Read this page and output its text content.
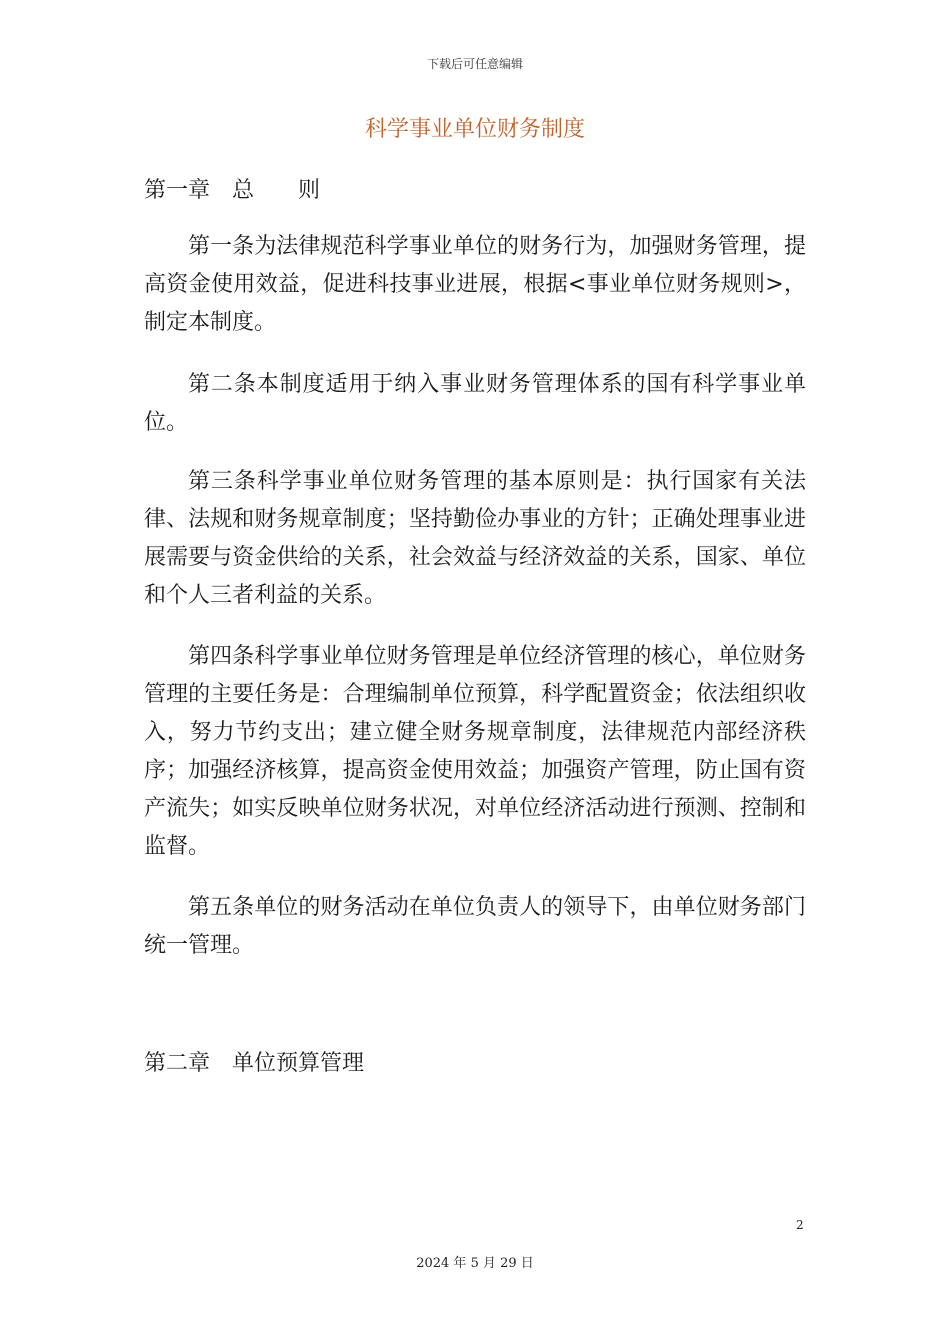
下载后可任意编辑
科学事业单位财务制度
第一章　总　　则

第一条为法律规范科学事业单位的财务行为，加强财务管理，提高资金使用效益，促进科技事业进展，根据<事业单位财务规则>，制定本制度。

第二条本制度适用于纳入事业财务管理体系的国有科学事业单位。

第三条科学事业单位财务管理的基本原则是：执行国家有关法律、法规和财务规章制度；坚持勤俭办事业的方针；正确处理事业进展需要与资金供给的关系，社会效益与经济效益的关系，国家、单位和个人三者利益的关系。

第四条科学事业单位财务管理是单位经济管理的核心，单位财务管理的主要任务是：合理编制单位预算，科学配置资金；依法组织收入，努力节约支出；建立健全财务规章制度，法律规范内部经济秩序；加强经济核算，提高资金使用效益；加强资产管理，防止国有资产流失；如实反映单位财务状况，对单位经济活动进行预测、控制和监督。

第五条单位的财务活动在单位负责人的领导下，由单位财务部门统一管理。

第二章　单位预算管理
2
2024 年 5 月 29 日
